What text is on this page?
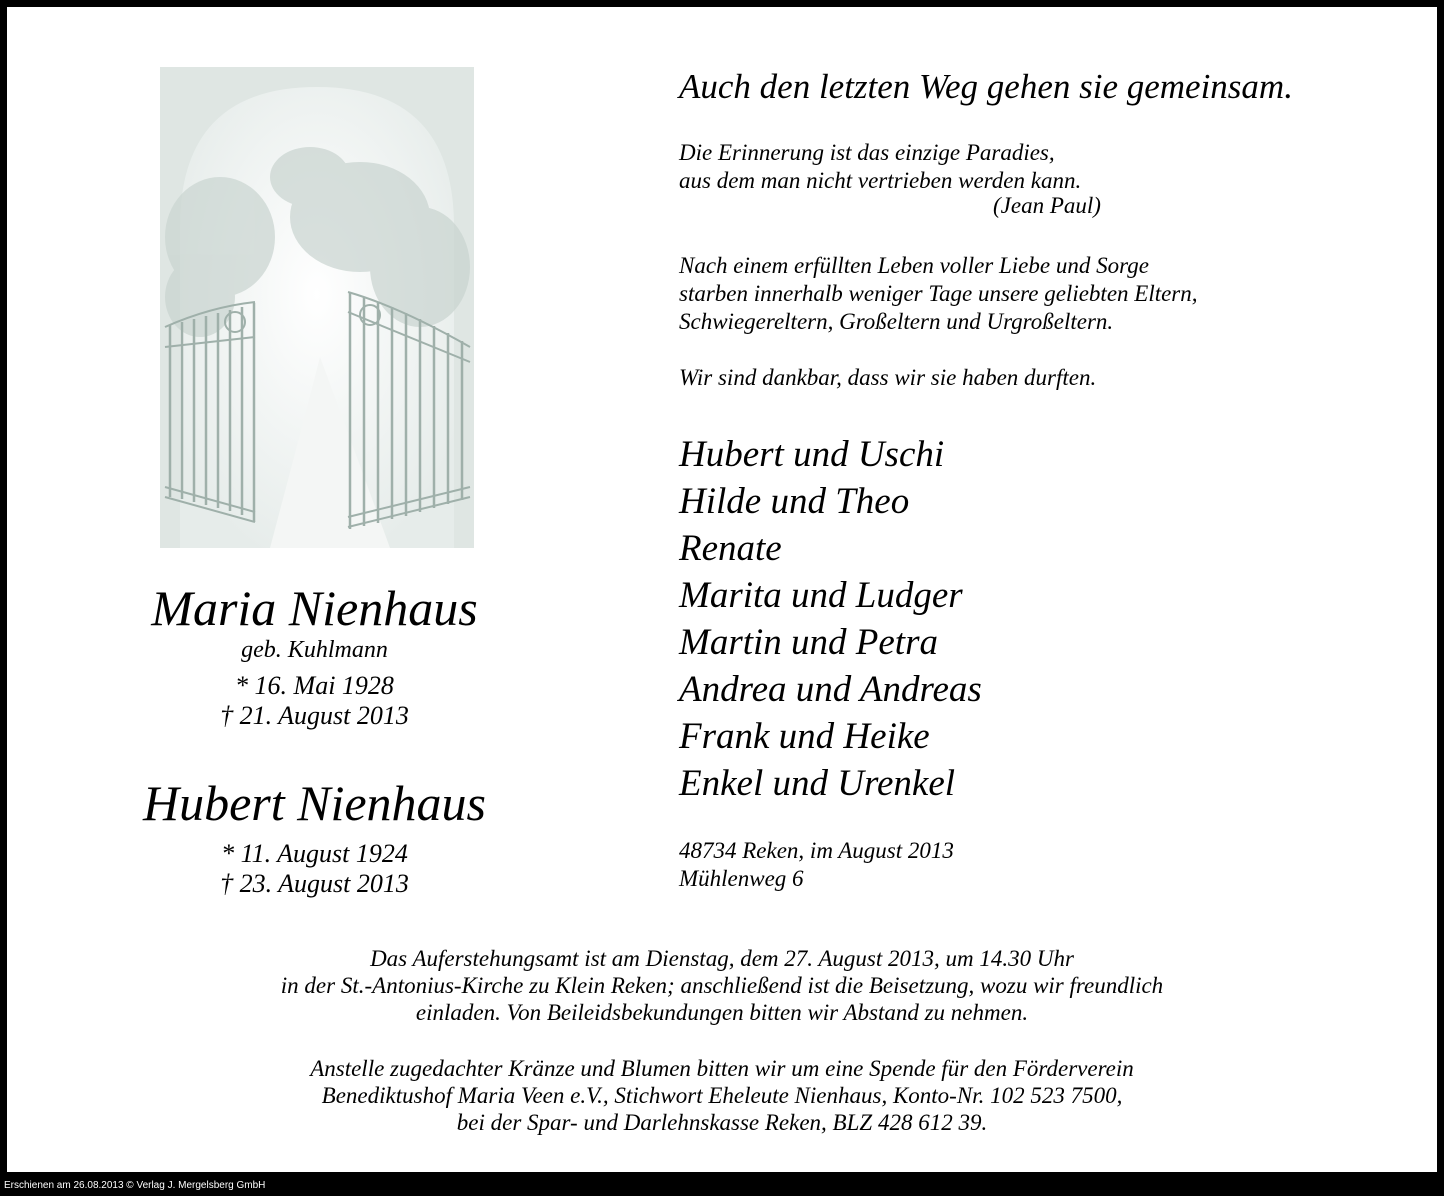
Auch den letzten Weg gehen sie gemeinsam.
Die Erinnerung ist das einzige Paradies,
aus dem man nicht vertrieben werden kann.
(Jean Paul)
Nach einem erfüllten Leben voller Liebe und Sorge
starben innerhalb weniger Tage unsere geliebten Eltern,
Schwiegereltern, Großeltern und Urgroßeltern.
Wir sind dankbar, dass wir sie haben durften.
Hubert und Uschi
Hilde und Theo
Renate
Marita und Ludger
Martin und Petra
Andrea und Andreas
Frank und Heike
Enkel und Urenkel
48734 Reken, im August 2013
Mühlenweg 6
Maria Nienhaus
geb. Kuhlmann
* 16. Mai 1928
† 21. August 2013
Hubert Nienhaus
* 11. August 1924
† 23. August 2013
Das Auferstehungsamt ist am Dienstag, dem 27. August 2013, um 14.30 Uhr
in der St.-Antonius-Kirche zu Klein Reken; anschließend ist die Beisetzung, wozu wir freundlich
einladen. Von Beileidsbekundungen bitten wir Abstand zu nehmen.
Anstelle zugedachter Kränze und Blumen bitten wir um eine Spende für den Förderverein
Benediktushof Maria Veen e.V., Stichwort Eheleute Nienhaus, Konto-Nr. 102 523 7500,
bei der Spar- und Darlehnskasse Reken, BLZ 428 612 39.
Erschienen am 26.08.2013 © Verlag J. Mergelsberg GmbH
